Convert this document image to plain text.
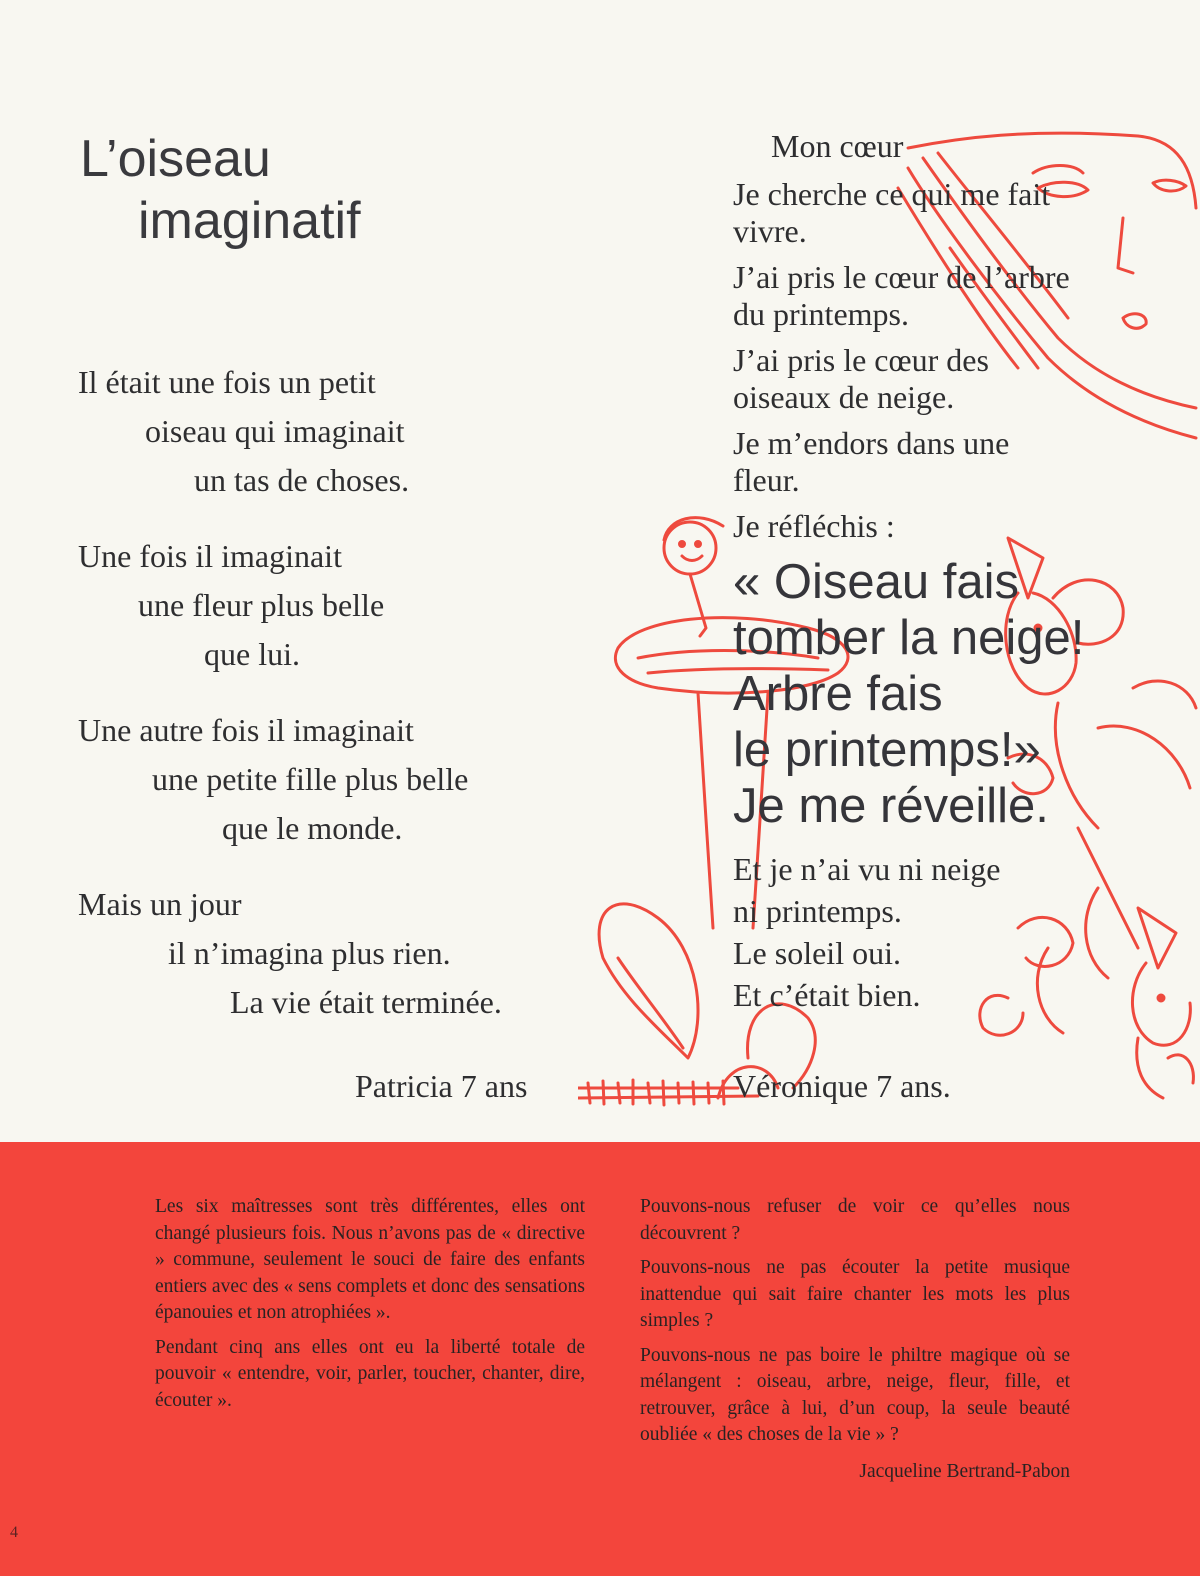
L’oiseau
imaginatif
Il était une fois un petit
oiseau qui imaginait
un tas de choses.
Une fois il imaginait
une fleur plus belle
que lui.
Une autre fois il imaginait
une petite fille plus belle
que le monde.
Mais un jour
il n’imagina plus rien.
La vie était terminée.
Patricia 7 ans
Mon cœur
Je cherche ce qui me fait vivre.
J’ai pris le cœur de l’arbre du printemps.
J’ai pris le cœur des oiseaux de neige.
Je m’endors dans une fleur.
Je réfléchis :
« Oiseau fais
tomber la neige!
Arbre fais
le printemps!»
Je me réveille.
Et je n’ai vu ni neige
ni printemps.
Le soleil oui.
Et c’était bien.
Véronique 7 ans.

Les six maîtresses sont très différentes, elles ont changé plusieurs fois. Nous n’avons pas de « directive » commune, seulement le souci de faire des enfants entiers avec des « sens complets et donc des sensations épanouies et non atrophiées ».

Pendant cinq ans elles ont eu la liberté totale de pouvoir « entendre, voir, parler, toucher, chanter, dire, écouter ».

Pouvons-nous refuser de voir ce qu’elles nous découvrent ?

Pouvons-nous ne pas écouter la petite musique inattendue qui sait faire chanter les mots les plus simples ?

Pouvons-nous ne pas boire le philtre magique où se mélangent : oiseau, arbre, neige, fleur, fille, et retrouver, grâce à lui, d’un coup, la seule beauté oubliée « des choses de la vie » ?

Jacqueline Bertrand-Pabon

4
